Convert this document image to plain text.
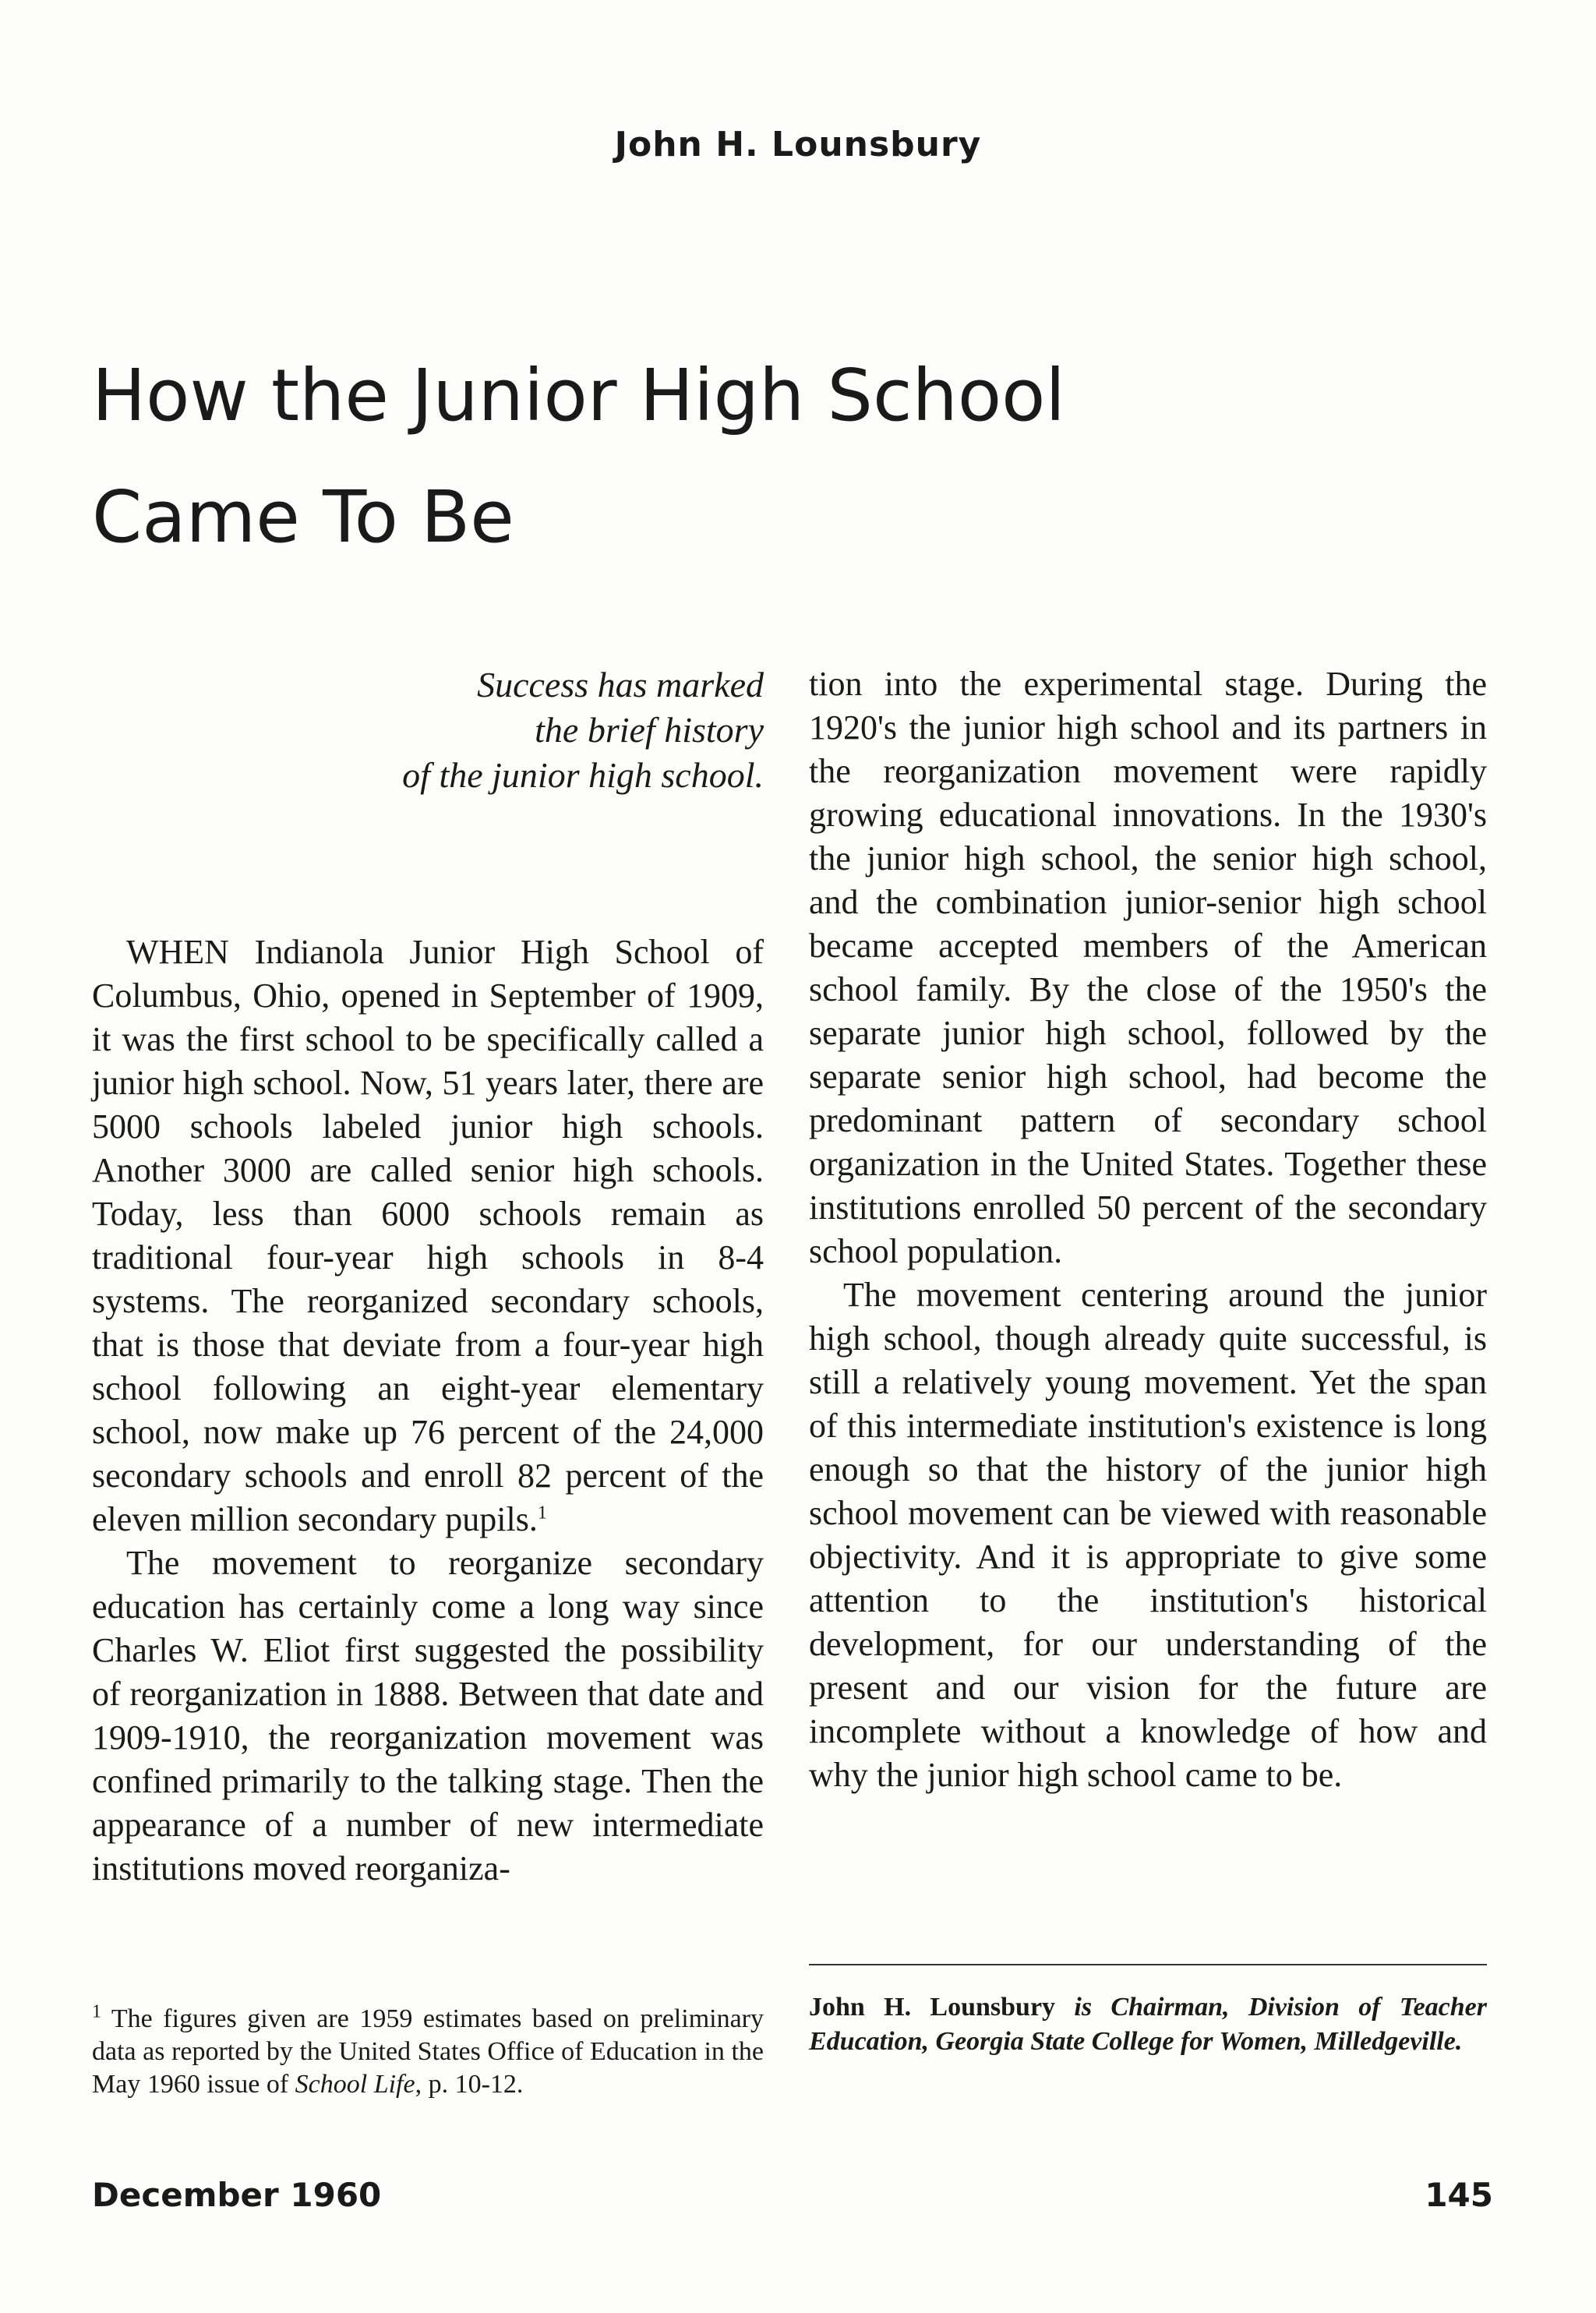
John H. Lounsbury
How the Junior High School
Came To Be

Success has marked
the brief history
of the junior high school.

WHEN Indianola Junior High School of Columbus, Ohio, opened in September of 1909, it was the first school to be specifically called a junior high school. Now, 51 years later, there are 5000 schools labeled junior high schools. Another 3000 are called senior high schools. Today, less than 6000 schools remain as traditional four-year high schools in 8-4 systems. The reorganized secondary schools, that is those that deviate from a four-year high school following an eight-year elementary school, now make up 76 percent of the 24,000 secondary schools and enroll 82 percent of the eleven million secondary pupils.$^1$

The movement to reorganize secondary education has certainly come a long way since Charles W. Eliot first suggested the possibility of reorganization in 1888. Between that date and 1909-1910, the reorganization movement was confined primarily to the talking stage. Then the appearance of a number of new intermediate institutions moved reorganiza-

$^1$ The figures given are 1959 estimates based on preliminary data as reported by the United States Office of Education in the May 1960 issue of School Life, p. 10-12.

tion into the experimental stage. During the 1920's the junior high school and its partners in the reorganization movement were rapidly growing educational innovations. In the 1930's the junior high school, the senior high school, and the combination junior-senior high school became accepted members of the American school family. By the close of the 1950's the separate junior high school, followed by the separate senior high school, had become the predominant pattern of secondary school organization in the United States. Together these institutions enrolled 50 percent of the secondary school population.

The movement centering around the junior high school, though already quite successful, is still a relatively young movement. Yet the span of this intermediate institution's existence is long enough so that the history of the junior high school movement can be viewed with reasonable objectivity. And it is appropriate to give some attention to the institution's historical development, for our understanding of the present and our vision for the future are incomplete without a knowledge of how and why the junior high school came to be.

John H. Lounsbury is Chairman, Division of Teacher Education, Georgia State College for Women, Milledgeville.

December 1960	145
